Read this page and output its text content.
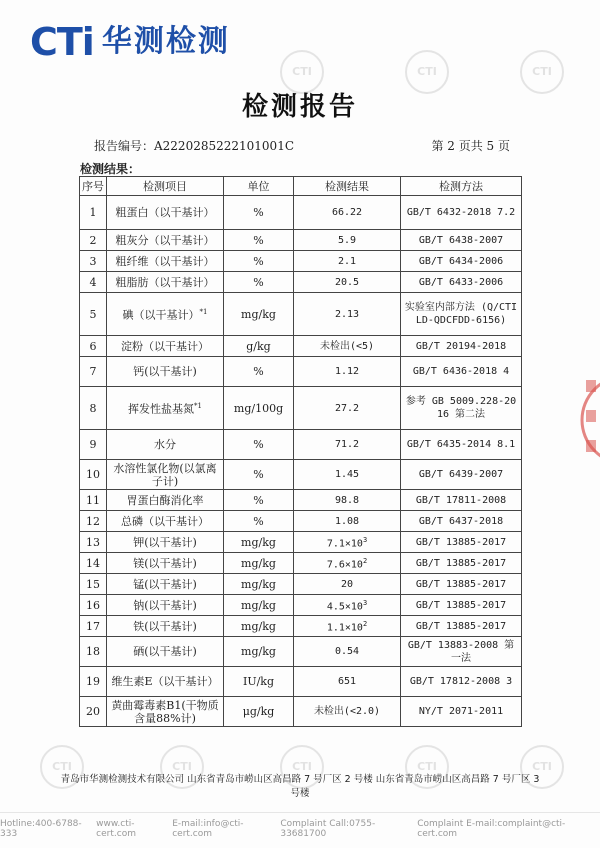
CTI	CTI	CTI
CTI	CTI	CTI	CTI	CTI
CTi 华测检测
检测报告
报告编号：A2220285222101001C	第 2 页共 5 页
检测结果：
序号	检测项目	单位	检测结果	检测方法
1	粗蛋白（以干基计）	%	66.22	GB/T 6432-2018 7.2
2	粗灰分（以干基计）	%	5.9	GB/T 6438-2007
3	粗纤维（以干基计）	%	2.1	GB/T 6434-2006
4	粗脂肪（以干基计）	%	20.5	GB/T 6433-2006
5	碘（以干基计）$^{*1}$	mg/kg	2.13	实验室内部方法 (Q/CTI LD-QDCFDD-6156)
6	淀粉（以干基计）	g/kg	未检出(<5)	GB/T 20194-2018
7	钙(以干基计)	%	1.12	GB/T 6436-2018 4
8	挥发性盐基氮$^{*1}$	mg/100g	27.2	参考 GB 5009.228-2016 第二法
9	水分	%	71.2	GB/T 6435-2014 8.1
10	水溶性氯化物(以氯离子计)	%	1.45	GB/T 6439-2007
11	胃蛋白酶消化率	%	98.8	GB/T 17811-2008
12	总磷（以干基计）	%	1.08	GB/T 6437-2018
13	钾(以干基计)	mg/kg	$7.1\times 10^3$	GB/T 13885-2017
14	镁(以干基计)	mg/kg	$7.6\times 10^2$	GB/T 13885-2017
15	锰(以干基计)	mg/kg	20	GB/T 13885-2017
16	钠(以干基计)	mg/kg	$4.5\times 10^3$	GB/T 13885-2017
17	铁(以干基计)	mg/kg	$1.1\times 10^2$	GB/T 13885-2017
18	硒(以干基计)	mg/kg	0.54	GB/T 13883-2008 第一法
19	维生素E（以干基计）	IU/kg	651	GB/T 17812-2008 3
20	黄曲霉毒素B1(干物质含量88%计)	μg/kg	未检出(<2.0)	NY/T 2071-2011
青岛市华测检测技术有限公司 山东省青岛市崂山区高昌路 7 号厂区 2 号楼 山东省青岛市崂山区高昌路 7 号厂区 3 号楼
Hotline:400-6788-333
www.cti-cert.com
E-mail:info@cti-cert.com
Complaint Call:0755-33681700
Complaint E-mail:complaint@cti-cert.com
